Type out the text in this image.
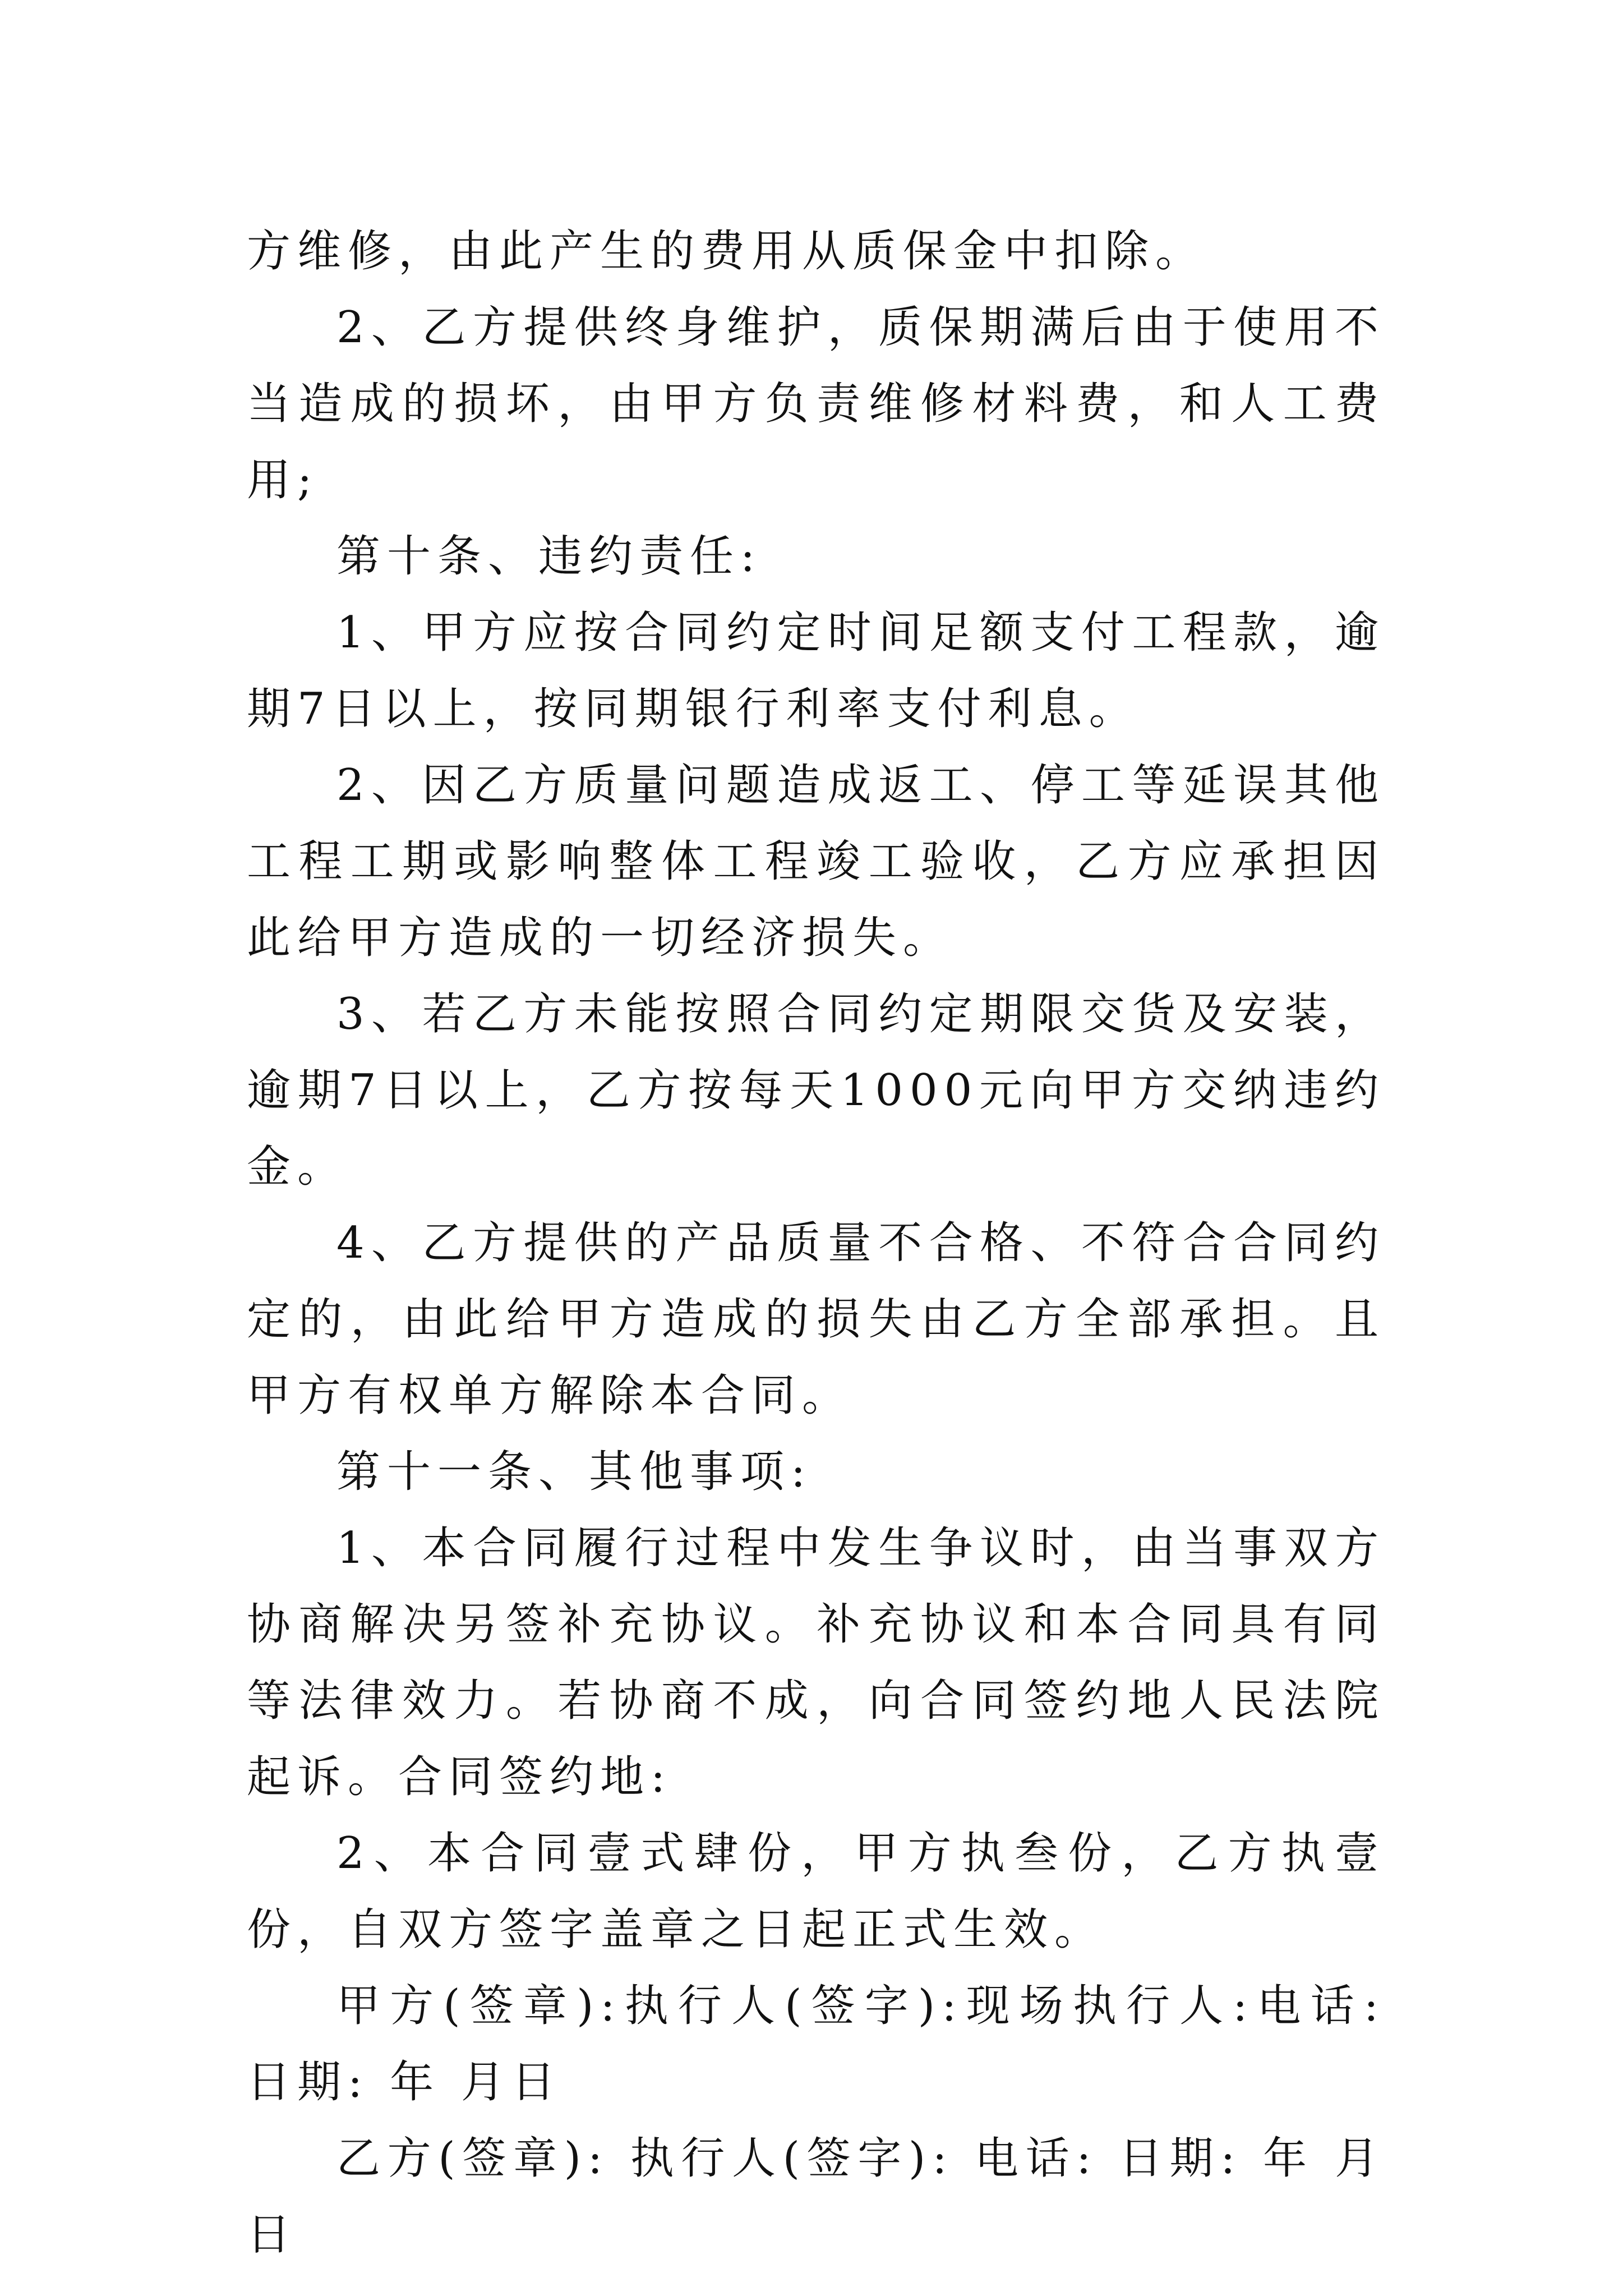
方维修，由此产生的费用从质保金中扣除。

2、乙方提供终身维护，质保期满后由于使用不当造成的损坏，由甲方负责维修材料费，和人工费用;

第十条、违约责任:

1、甲方应按合同约定时间足额支付工程款，逾期7日以上，按同期银行利率支付利息。

2、因乙方质量问题造成返工、停工等延误其他工程工期或影响整体工程竣工验收，乙方应承担因此给甲方造成的一切经济损失。

3、若乙方未能按照合同约定期限交货及安装，逾期7日以上，乙方按每天1000元向甲方交纳违约金。

4、乙方提供的产品质量不合格、不符合合同约定的，由此给甲方造成的损失由乙方全部承担。且甲方有权单方解除本合同。

第十一条、其他事项:

1、本合同履行过程中发生争议时，由当事双方协商解决另签补充协议。补充协议和本合同具有同等法律效力。若协商不成，向合同签约地人民法院起诉。合同签约地:

2、本合同壹式肆份，甲方执叁份，乙方执壹份，自双方签字盖章之日起正式生效。

甲方(签章):执行人(签字):现场执行人:电话: 日期: 年 月日

乙方(签章): 执行人(签字): 电话: 日期: 年 月日
